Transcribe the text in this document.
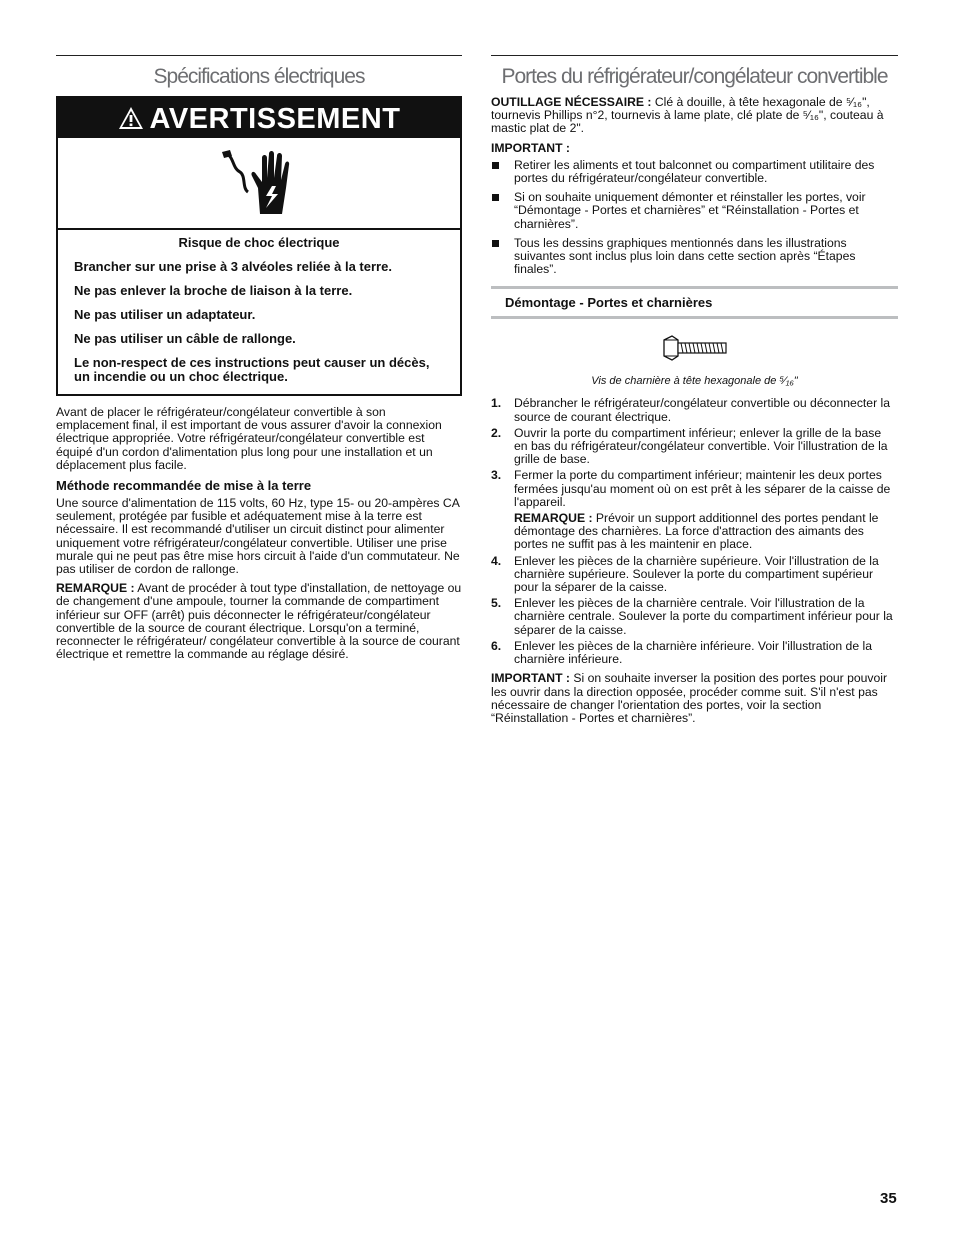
Spécifications électriques
AVERTISSEMENT

Risque de choc électrique

Brancher sur une prise à 3 alvéoles reliée à la terre.

Ne pas enlever la broche de liaison à la terre.

Ne pas utiliser un adaptateur.

Ne pas utiliser un câble de rallonge.

Le non-respect de ces instructions peut causer un décès, un incendie ou un choc électrique.

Avant de placer le réfrigérateur/congélateur convertible à son emplacement final, il est important de vous assurer d'avoir la connexion électrique appropriée. Votre réfrigérateur/congélateur convertible est équipé d'un cordon d'alimentation plus long pour une installation et un déplacement plus facile.

Méthode recommandée de mise à la terre

Une source d'alimentation de 115 volts, 60 Hz, type 15- ou 20-ampères CA seulement, protégée par fusible et adéquatement mise à la terre est nécessaire. Il est recommandé d'utiliser un circuit distinct pour alimenter uniquement votre réfrigérateur/congélateur convertible. Utiliser une prise murale qui ne peut pas être mise hors circuit à l'aide d'un commutateur. Ne pas utiliser de cordon de rallonge.

REMARQUE : Avant de procéder à tout type d'installation, de nettoyage ou de changement d'une ampoule, tourner la commande de compartiment inférieur sur OFF (arrêt) puis déconnecter le réfrigérateur/congélateur convertible de la source de courant électrique. Lorsqu'on a terminé, reconnecter le réfrigérateur/ congélateur convertible à la source de courant électrique et remettre la commande au réglage désiré.

Portes du réfrigérateur/congélateur convertible

OUTILLAGE NÉCESSAIRE : Clé à douille, à tête hexagonale de ⁵⁄₁₆", tournevis Phillips n°2, tournevis à lame plate, clé plate de ⁵⁄₁₆", couteau à mastic plat de 2".

IMPORTANT :

Retirer les aliments et tout balconnet ou compartiment utilitaire des portes du réfrigérateur/congélateur convertible.
Si on souhaite uniquement démonter et réinstaller les portes, voir “Démontage - Portes et charnières” et “Réinstallation - Portes et charnières”.
Tous les dessins graphiques mentionnés dans les illustrations suivantes sont inclus plus loin dans cette section après “Étapes finales”.
Démontage - Portes et charnières
Vis de charnière à tête hexagonale de ⁵⁄₁₆"
1. Débrancher le réfrigérateur/congélateur convertible ou déconnecter la source de courant électrique.
2. Ouvrir la porte du compartiment inférieur; enlever la grille de la base en bas du réfrigérateur/congélateur convertible. Voir l'illustration de la grille de base.
3. Fermer la porte du compartiment inférieur; maintenir les deux portes fermées jusqu'au moment où on est prêt à les séparer de la caisse de l'appareil.
REMARQUE : Prévoir un support additionnel des portes pendant le démontage des charnières. La force d'attraction des aimants des portes ne suffit pas à les maintenir en place.
4. Enlever les pièces de la charnière supérieure. Voir l'illustration de la charnière supérieure. Soulever la porte du compartiment supérieur pour la séparer de la caisse.
5. Enlever les pièces de la charnière centrale. Voir l'illustration de la charnière centrale. Soulever la porte du compartiment inférieur pour la séparer de la caisse.
6. Enlever les pièces de la charnière inférieure. Voir l'illustration de la charnière inférieure.

IMPORTANT : Si on souhaite inverser la position des portes pour pouvoir les ouvrir dans la direction opposée, procéder comme suit. S'il n'est pas nécessaire de changer l'orientation des portes, voir la section “Réinstallation - Portes et charnières”.

35
